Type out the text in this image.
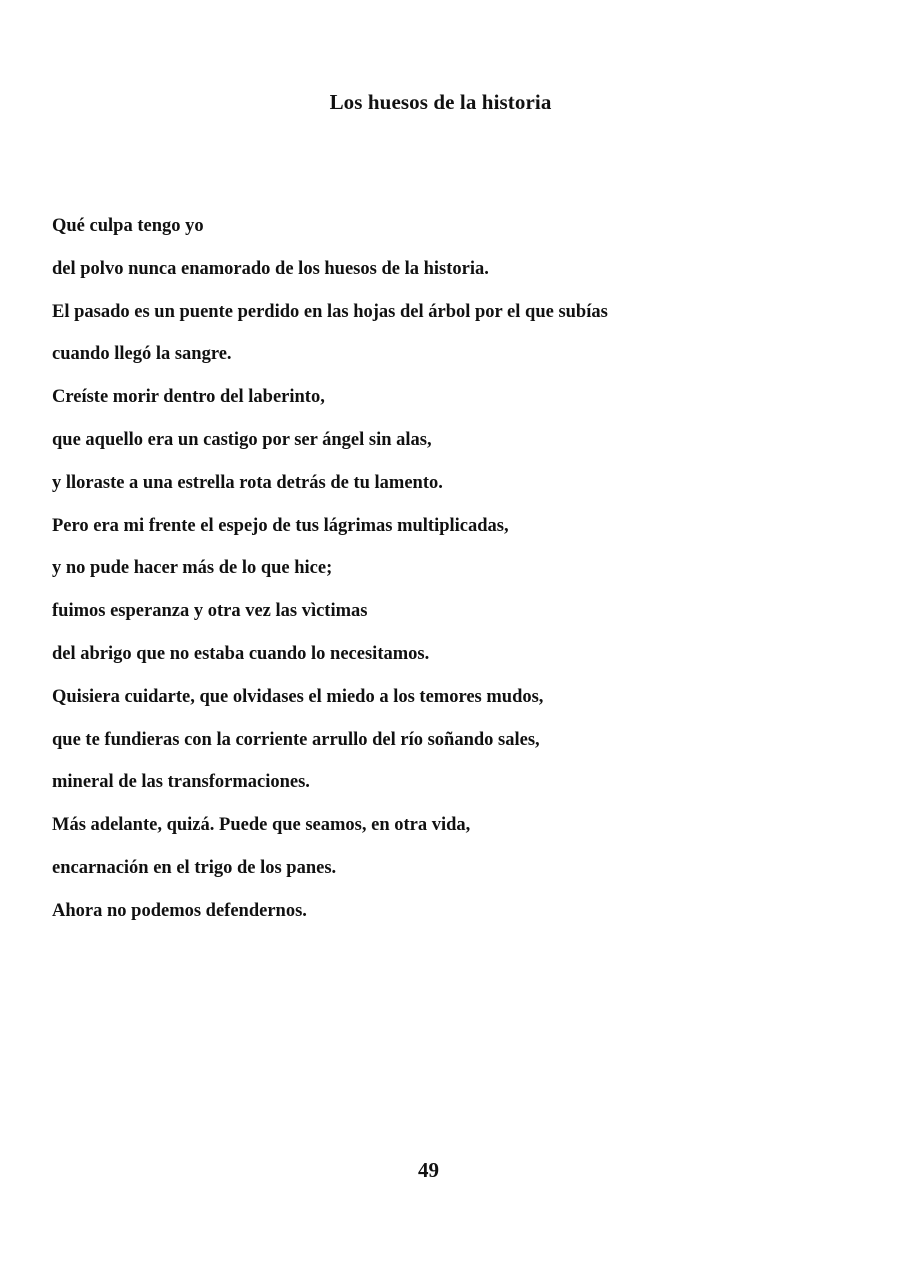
Los huesos de la historia
Qué culpa tengo yo
del polvo nunca enamorado de los huesos de la historia.
El pasado es un puente perdido en las hojas del árbol por el que subías
cuando llegó la sangre.
Creíste morir dentro del laberinto,
que aquello era un castigo por ser ángel sin alas,
y lloraste a una estrella rota detrás de tu lamento.
Pero era mi frente el espejo de tus lágrimas multiplicadas,
y no pude hacer más de lo que hice;
fuimos esperanza y otra vez las vìctimas
del abrigo que no estaba cuando lo necesitamos.
Quisiera cuidarte, que olvidases el miedo a los temores mudos,
que te fundieras con la corriente arrullo del río soñando sales,
mineral de las transformaciones.
Más adelante, quizá. Puede que seamos, en otra vida,
encarnación en el trigo de los panes.
Ahora no podemos defendernos.
49
